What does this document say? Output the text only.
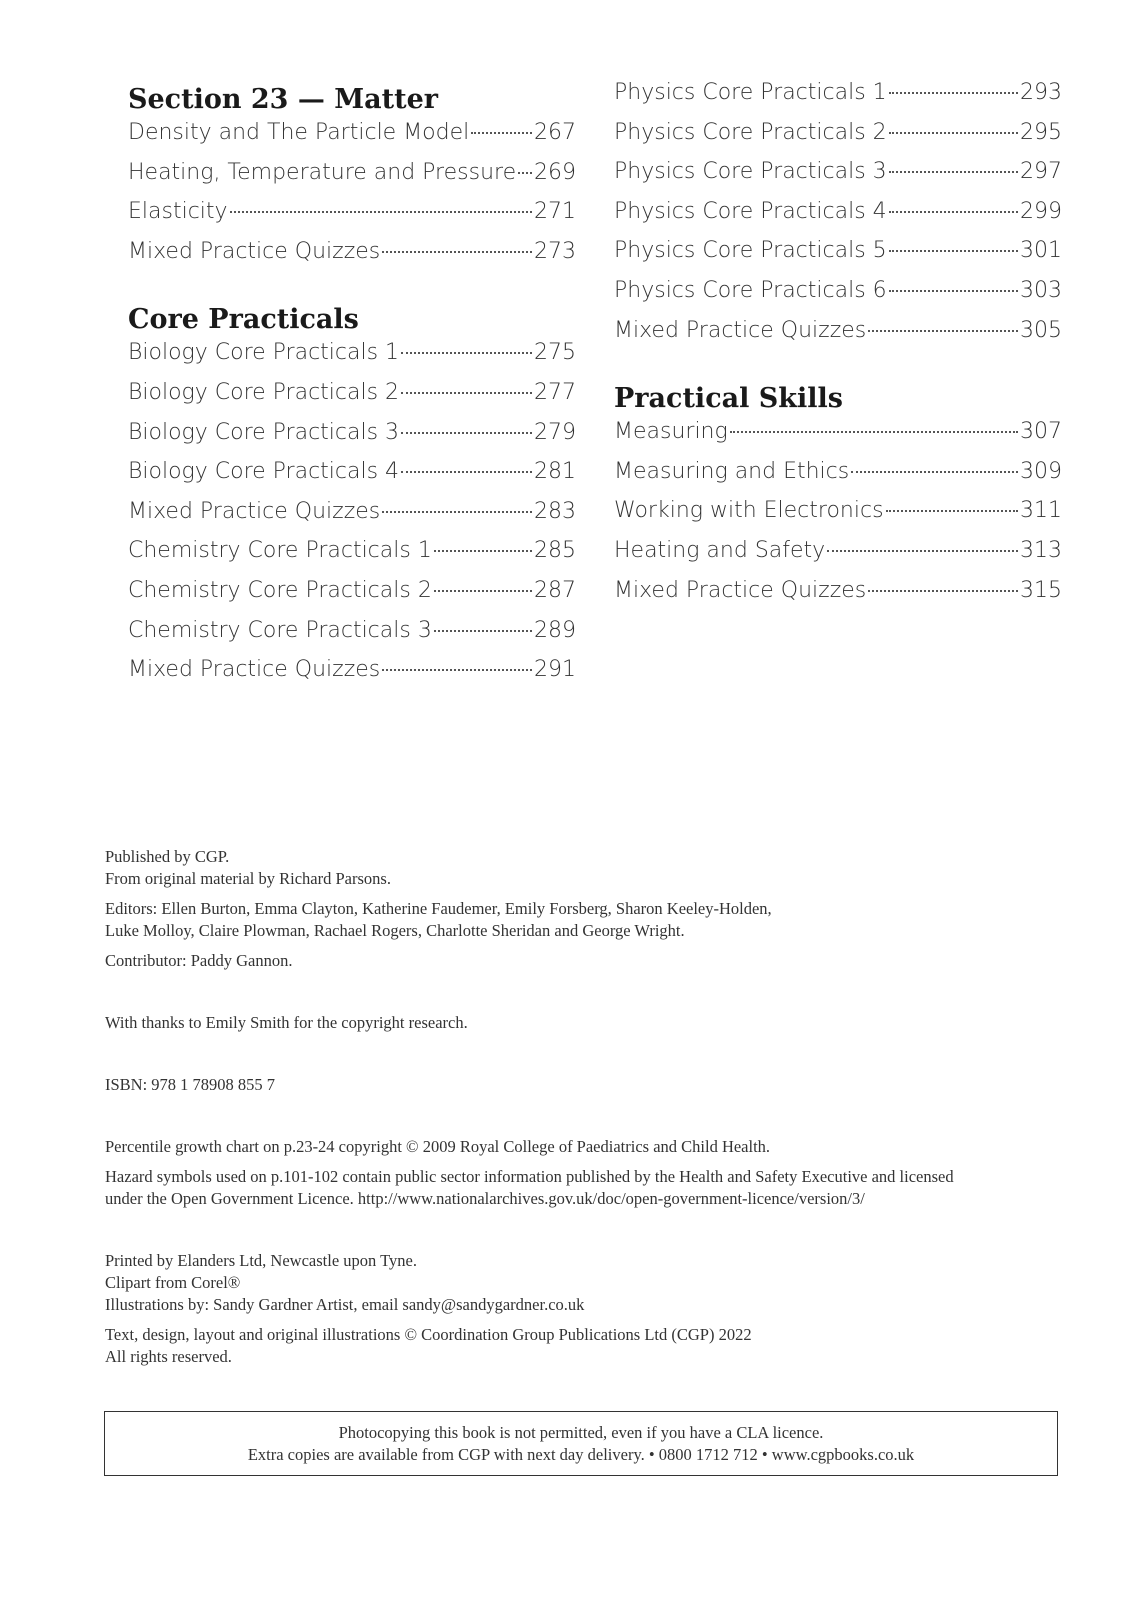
Section 23 — Matter
Density and The Particle Model	267
Heating, Temperature and Pressure 269
Elasticity	271
Mixed Practice Quizzes	273
Core Practicals
Biology Core Practicals 1	275
Biology Core Practicals 2	277
Biology Core Practicals 3	279
Biology Core Practicals 4	281
Mixed Practice Quizzes	283
Chemistry Core Practicals 1	285
Chemistry Core Practicals 2	287
Chemistry Core Practicals 3	289
Mixed Practice Quizzes	291
Physics Core Practicals 1	293
Physics Core Practicals 2	295
Physics Core Practicals 3	297
Physics Core Practicals 4	299
Physics Core Practicals 5	301
Physics Core Practicals 6	303
Mixed Practice Quizzes	305
Practical Skills
Measuring	307
Measuring and Ethics	309
Working with Electronics	311
Heating and Safety	313
Mixed Practice Quizzes	315

Published by CGP.

From original material by Richard Parsons.

Editors: Ellen Burton, Emma Clayton, Katherine Faudemer, Emily Forsberg, Sharon Keeley-Holden,

Luke Molloy, Claire Plowman, Rachael Rogers, Charlotte Sheridan and George Wright.

Contributor: Paddy Gannon.

With thanks to Emily Smith for the copyright research.

ISBN: 978 1 78908 855 7

Percentile growth chart on p.23-24 copyright © 2009 Royal College of Paediatrics and Child Health.

Hazard symbols used on p.101-102 contain public sector information published by the Health and Safety Executive and licensed

under the Open Government Licence. http://www.nationalarchives.gov.uk/doc/open-government-licence/version/3/

Printed by Elanders Ltd, Newcastle upon Tyne.

Clipart from Corel®

Illustrations by: Sandy Gardner Artist, email sandy@sandygardner.co.uk

Text, design, layout and original illustrations © Coordination Group Publications Ltd (CGP) 2022

All rights reserved.

Photocopying this book is not permitted, even if you have a CLA licence.

Extra copies are available from CGP with next day delivery. • 0800 1712 712 • www.cgpbooks.co.uk
